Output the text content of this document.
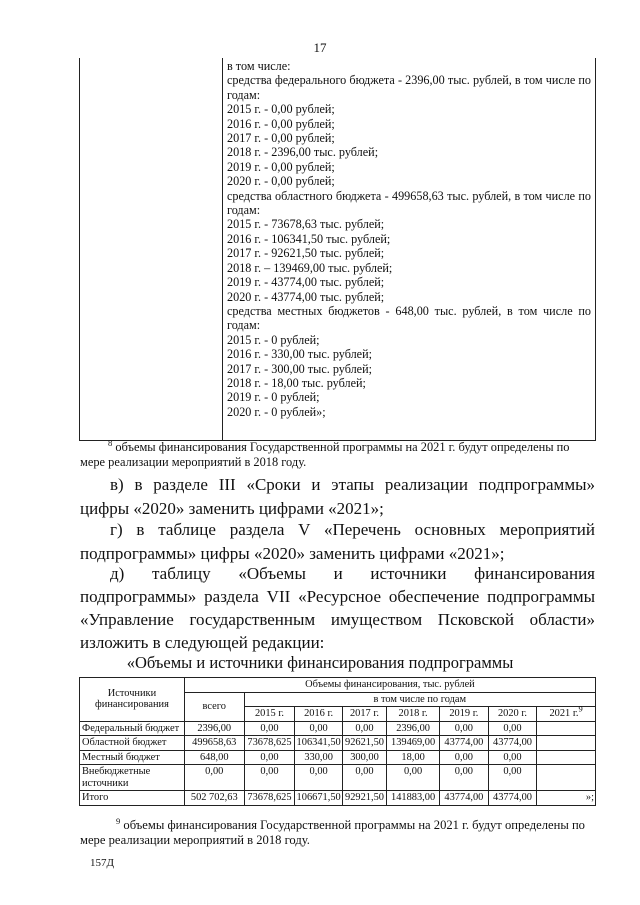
17
в том числе:
средства федерального бюджета - 2396,00 тыс. рублей, в том числе по годам:
2015 г. - 0,00 рублей;
2016 г. - 0,00 рублей;
2017 г. - 0,00 рублей;
2018 г. - 2396,00 тыс. рублей;
2019 г. - 0,00 рублей;
2020 г. - 0,00 рублей;
средства областного бюджета - 499658,63 тыс. рублей, в том числе по годам:
2015 г. - 73678,63 тыс. рублей;
2016 г. - 106341,50 тыс. рублей;
2017 г. - 92621,50 тыс. рублей;
2018 г. – 139469,00 тыс. рублей;
2019 г. - 43774,00 тыс. рублей;
2020 г. - 43774,00 тыс. рублей;
средства местных бюджетов - 648,00 тыс. рублей, в том числе по годам:
2015 г. - 0 рублей;
2016 г. - 330,00 тыс. рублей;
2017 г. - 300,00 тыс. рублей;
2018 г. - 18,00 тыс. рублей;
2019 г. - 0 рублей;
2020 г. - 0 рублей»;
$^8$ объемы финансирования Государственной программы на 2021 г. будут определены по мере реализации мероприятий в 2018 году.
в) в разделе III «Сроки и этапы реализации подпрограммы» цифры «2020» заменить цифрами «2021»;
г) в таблице раздела V «Перечень основных мероприятий подпрограммы» цифры «2020» заменить цифрами «2021»;
д) таблицу «Объемы и источники финансирования подпрограммы» раздела VII «Ресурсное обеспечение подпрограммы «Управление государственным имуществом Псковской области» изложить в следующей редакции:
«Объемы и источники финансирования подпрограммы
Источники финансирования	Объемы финансирования, тыс. рублей							
	всего	в том числе по годам						
		2015 г.	2016 г.	2017 г.	2018 г.	2019 г.	2020 г.	2021 г.$^9$
Федеральный бюджет	2396,00	0,00	0,00	0,00	2396,00	0,00	0,00	
Областной бюджет	499658,63	73678,625	106341,50	92621,50	139469,00	43774,00	43774,00	
Местный бюджет	648,00	0,00	330,00	300,00	18,00	0,00	0,00	
Внебюджетные источники	0,00	0,00	0,00	0,00	0,00	0,00	0,00	
Итого	502 702,63	73678,625	106671,50	92921,50	141883,00	43774,00	43774,00	»;
$^9$ объемы финансирования Государственной программы на 2021 г. будут определены по мере реализации мероприятий в 2018 году.
157Д
